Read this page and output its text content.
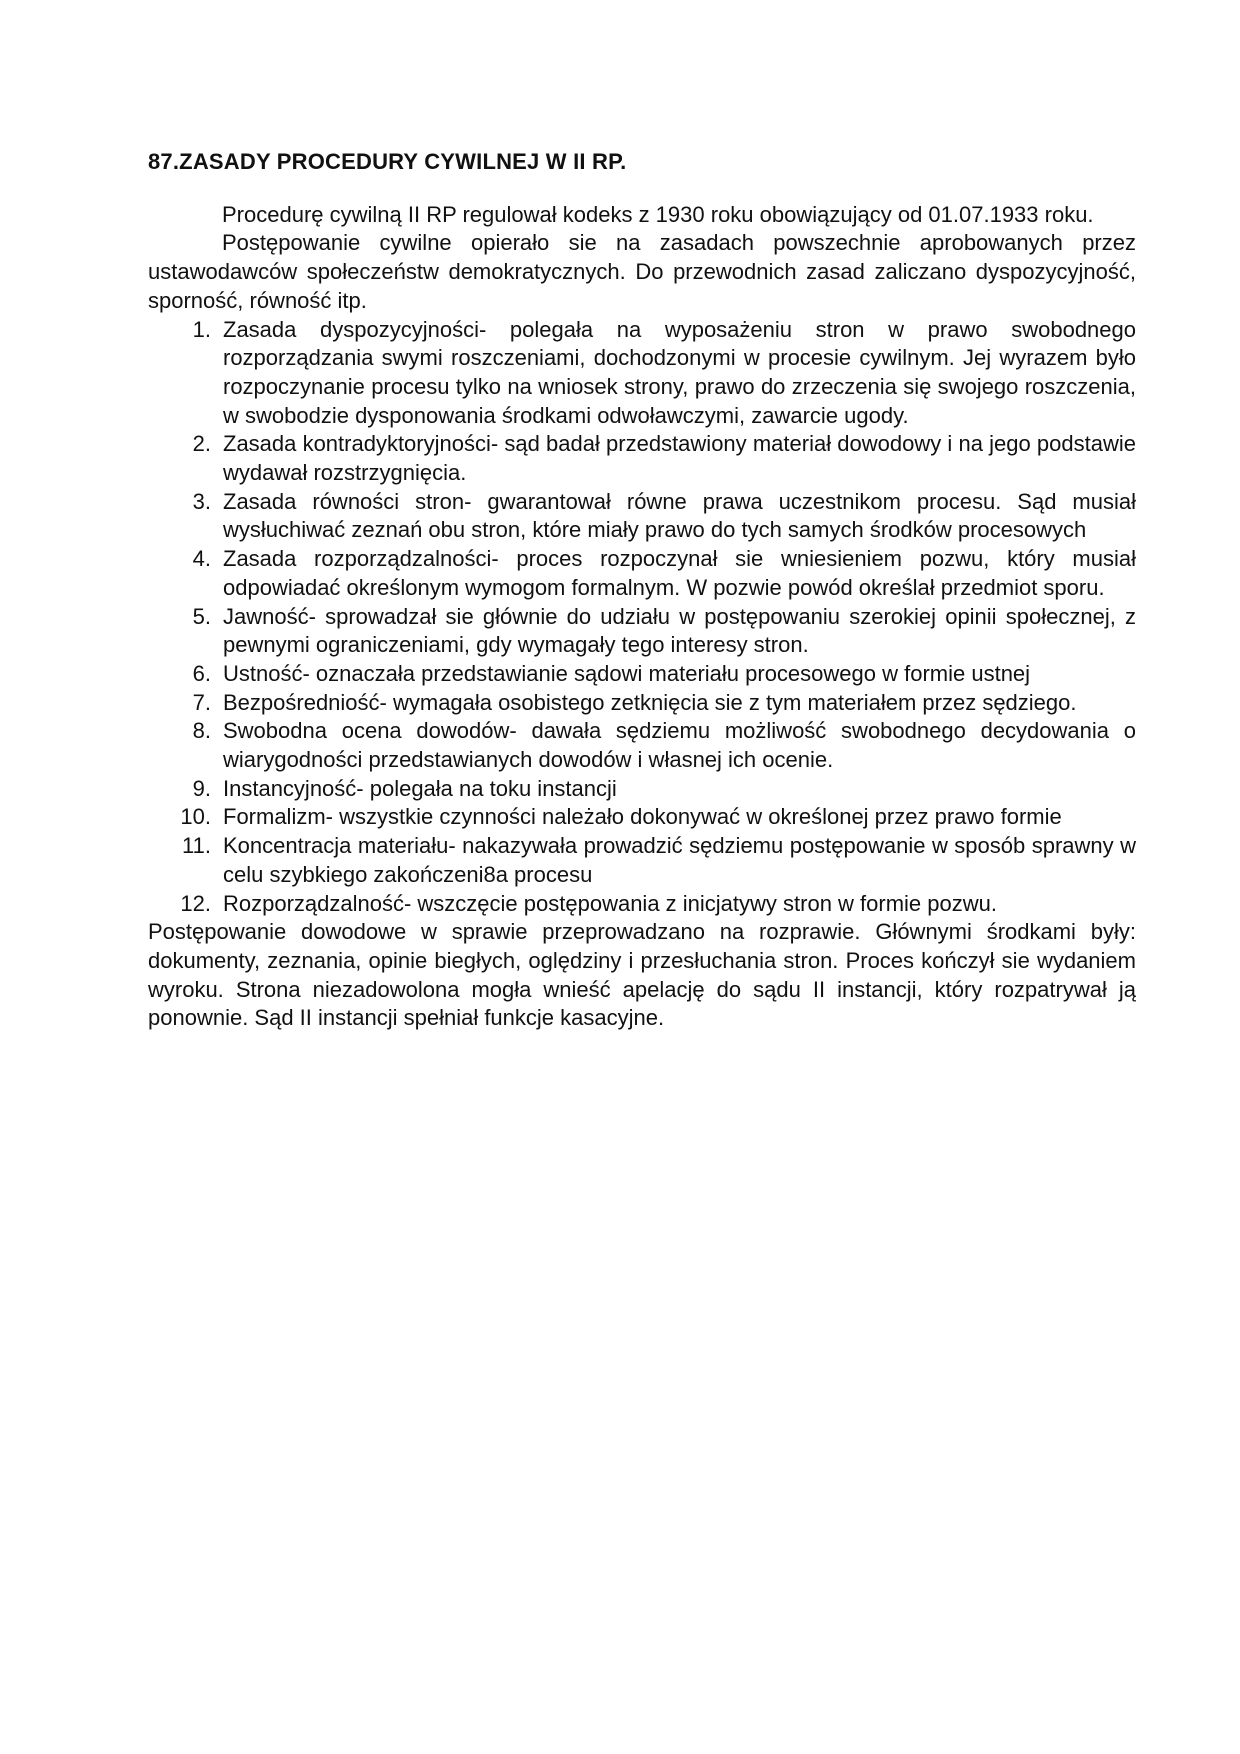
87.ZASADY PROCEDURY CYWILNEJ W II RP.

Procedurę cywilną II RP regulował kodeks z 1930 roku obowiązujący od 01.07.1933 roku.

Postępowanie cywilne opierało sie na zasadach powszechnie aprobowanych przez ustawodawców społeczeństw demokratycznych. Do przewodnich zasad zaliczano dyspozycyjność, sporność, równość itp.

1. Zasada dyspozycyjności- polegała na wyposażeniu stron w prawo swobodnego rozporządzania swymi roszczeniami, dochodzonymi w procesie cywilnym. Jej wyrazem było rozpoczynanie procesu tylko na wniosek strony, prawo do zrzeczenia się swojego roszczenia, w swobodzie dysponowania środkami odwoławczymi, zawarcie ugody.
2. Zasada kontradyktoryjności- sąd badał przedstawiony materiał dowodowy i na jego podstawie wydawał rozstrzygnięcia.
3. Zasada równości stron- gwarantował równe prawa uczestnikom procesu. Sąd musiał wysłuchiwać zeznań obu stron, które miały prawo do tych samych środków procesowych
4. Zasada rozporządzalności- proces rozpoczynał sie wniesieniem pozwu, który musiał odpowiadać określonym wymogom formalnym. W pozwie powód określał przedmiot sporu.
5. Jawność- sprowadzał sie głównie do udziału w postępowaniu szerokiej opinii społecznej, z pewnymi ograniczeniami, gdy wymagały tego interesy stron.
6. Ustność- oznaczała przedstawianie sądowi materiału procesowego w formie ustnej
7. Bezpośredniość- wymagała osobistego zetknięcia sie z tym materiałem przez sędziego.
8. Swobodna ocena dowodów- dawała sędziemu możliwość swobodnego decydowania o wiarygodności przedstawianych dowodów i własnej ich ocenie.
9. Instancyjność- polegała na toku instancji
10. Formalizm- wszystkie czynności należało dokonywać w określonej przez prawo formie
11. Koncentracja materiału- nakazywała prowadzić sędziemu postępowanie w sposób sprawny w celu szybkiego zakończeni8a procesu
12. Rozporządzalność- wszczęcie postępowania z inicjatywy stron w formie pozwu.

Postępowanie dowodowe w sprawie przeprowadzano na rozprawie. Głównymi środkami były: dokumenty, zeznania, opinie biegłych, oględziny i przesłuchania stron. Proces kończył sie wydaniem wyroku. Strona niezadowolona mogła wnieść apelację do sądu II instancji, który rozpatrywał ją ponownie. Sąd II instancji spełniał funkcje kasacyjne.
